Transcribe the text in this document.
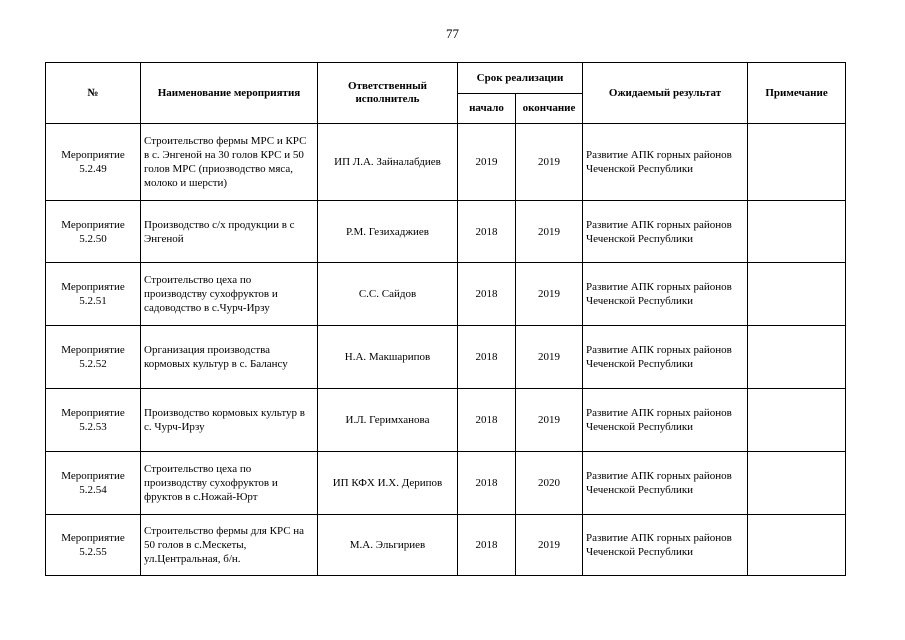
77
№	Наименование мероприятия	Ответственный исполнитель	Срок реализации		Ожидаемый результат	Примечание
			начало	окончание		

Мероприятие
5.2.49	Строительство фермы МРС и КРС в с. Энгеной на 30 голов КРС и 50 голов МРС (приозводство мяса, молоко и шерсти)	ИП Л.А. Зайналабдиев	2019	2019	Развитие АПК горных районов Чеченской Республики	

Мероприятие
5.2.50	Производство с/х продукции в с Энгеной	Р.М. Гезихаджиев	2018	2019	Развитие АПК горных районов Чеченской Республики	

Мероприятие
5.2.51	Строительство цеха по производству сухофруктов и садоводство в с.Чурч-Ирзу	С.С. Сайдов	2018	2019	Развитие АПК горных районов Чеченской Республики	

Мероприятие
5.2.52	Организация производства кормовых культур в с. Балансу	Н.А. Макшарипов	2018	2019	Развитие АПК горных районов Чеченской Республики	

Мероприятие
5.2.53	Производство кормовых культур в с. Чурч-Ирзу	И.Л. Геримханова	2018	2019	Развитие АПК горных районов Чеченской Республики	

Мероприятие
5.2.54	Строительство цеха по производству сухофруктов и фруктов в с.Ножай-Юрт	ИП КФХ И.Х. Дерипов	2018	2020	Развитие АПК горных районов Чеченской Республики	

Мероприятие
5.2.55	Строительство фермы для КРС на 50 голов в с.Мескеты, ул.Центральная, б/н.	М.А. Эльгириев	2018	2019	Развитие АПК горных районов Чеченской Республики	
